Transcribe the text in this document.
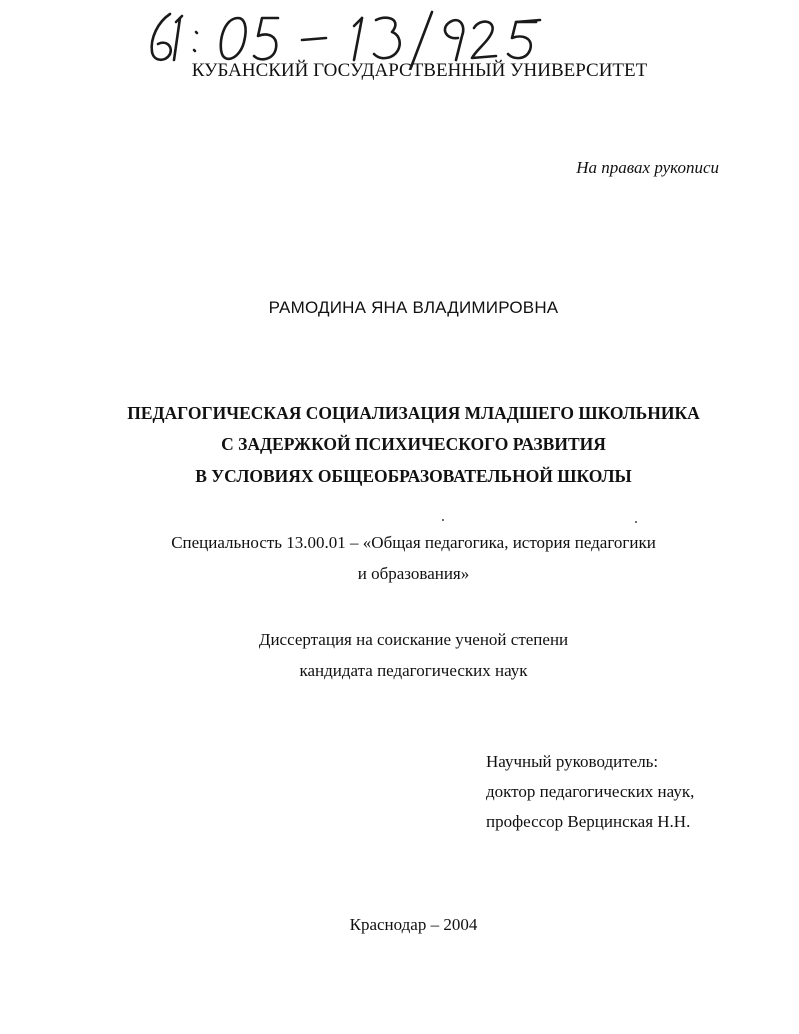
КУБАНСКИЙ ГОСУДАРСТВЕННЫЙ УНИВЕРСИТЕТ
На правах рукописи
РАМОДИНА ЯНА ВЛАДИМИРОВНА
ПЕДАГОГИЧЕСКАЯ СОЦИАЛИЗАЦИЯ МЛАДШЕГО ШКОЛЬНИКА
С ЗАДЕРЖКОЙ ПСИХИЧЕСКОГО РАЗВИТИЯ
В УСЛОВИЯХ ОБЩЕОБРАЗОВАТЕЛЬНОЙ ШКОЛЫ
Специальность 13.00.01 – «Общая педагогика, история педагогики
и образования»
Диссертация на соискание ученой степени
кандидата педагогических наук
Научный руководитель:
доктор педагогических наук,
профессор Верцинская Н.Н.
Краснодар – 2004
